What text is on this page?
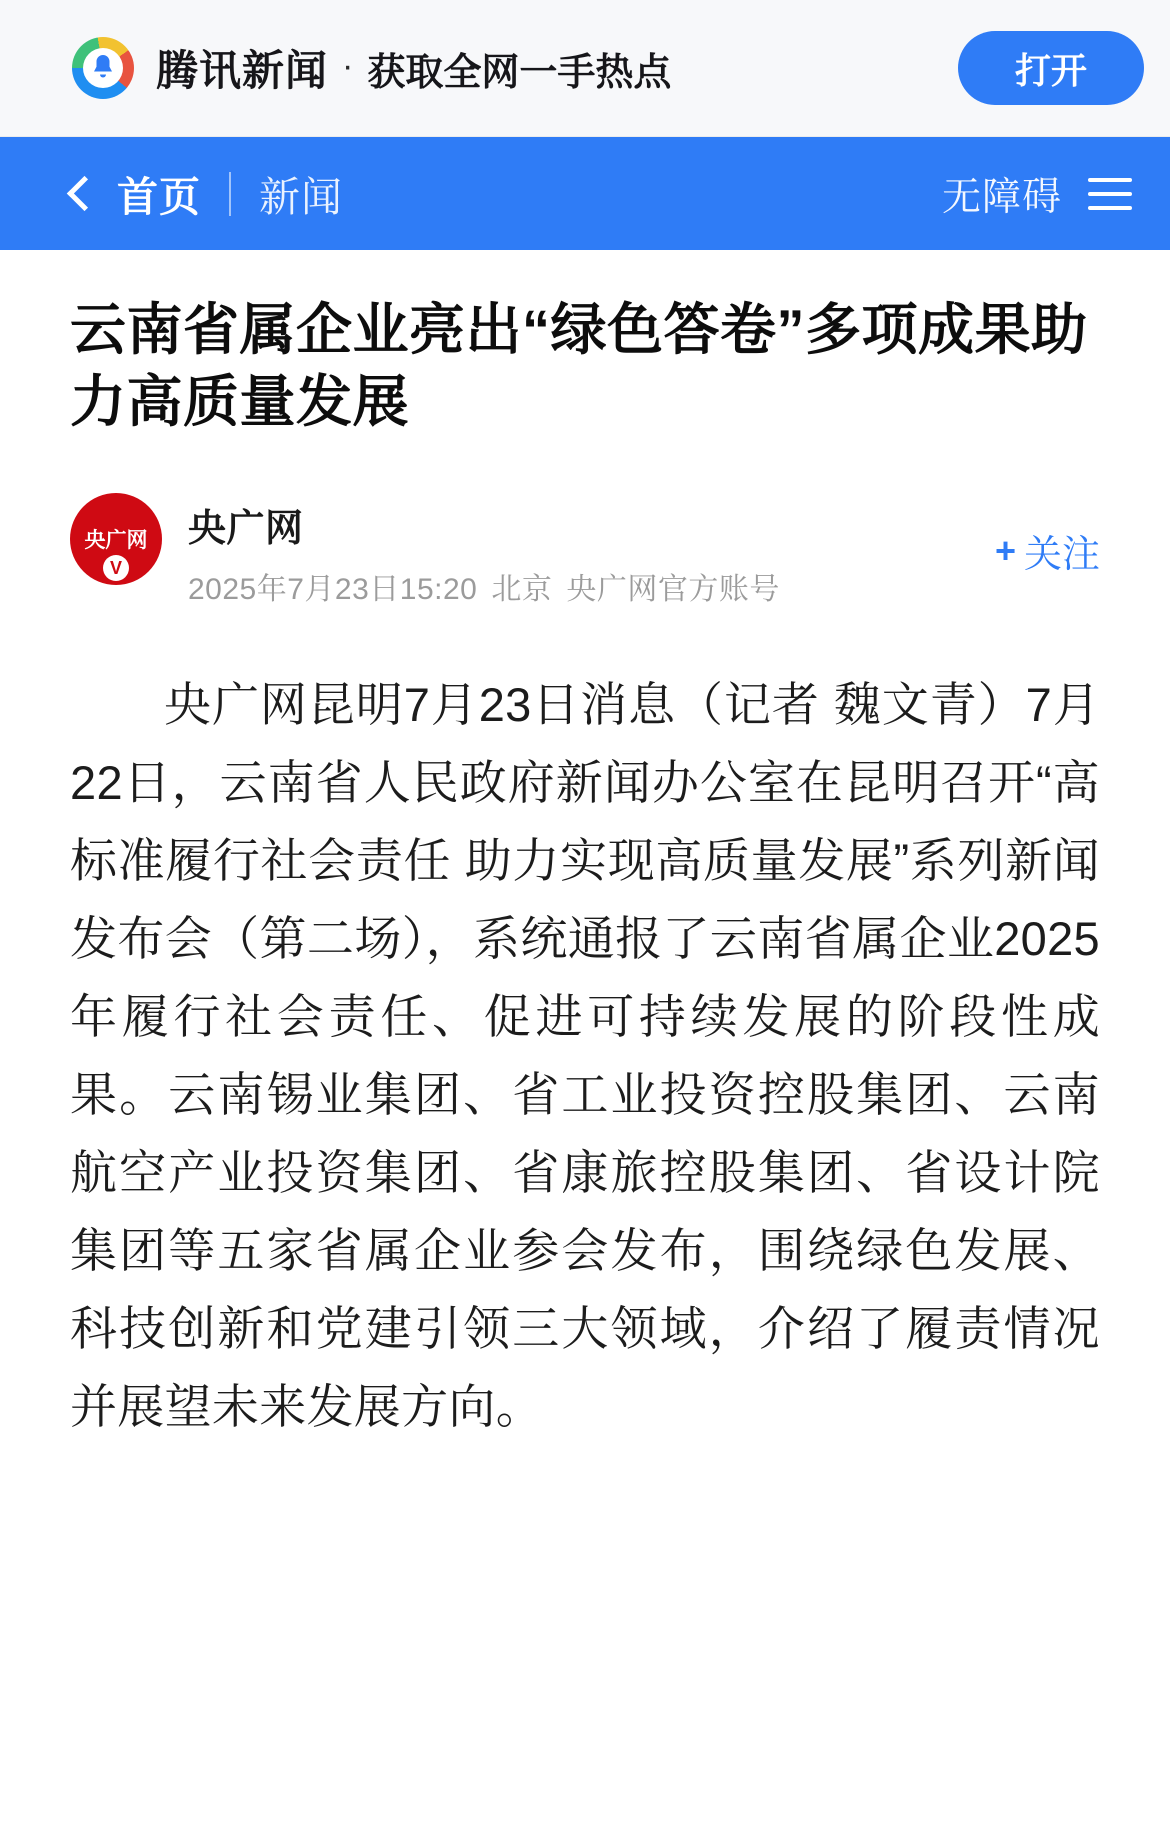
腾讯新闻 · 获取全网一手热点	打开
首页 新闻	无障碍
云南省属企业亮出“绿色答卷”多项成果助力高质量发展
央广网
V
央广网
2025年7月23日15:20 北京 央广网官方账号
+ 关注

央广网昆明7月23日消息（记者 魏文青）7月22日，云南省人民政府新闻办公室在昆明召开“高标准履行社会责任 助力实现高质量发展”系列新闻发布会（第二场），系统通报了云南省属企业2025年履行社会责任、促进可持续发展的阶段性成果。云南锡业集团、省工业投资控股集团、云南航空产业投资集团、省康旅控股集团、省设计院集团等五家省属企业参会发布，围绕绿色发展、科技创新和党建引领三大领域，介绍了履责情况并展望未来发展方向。
